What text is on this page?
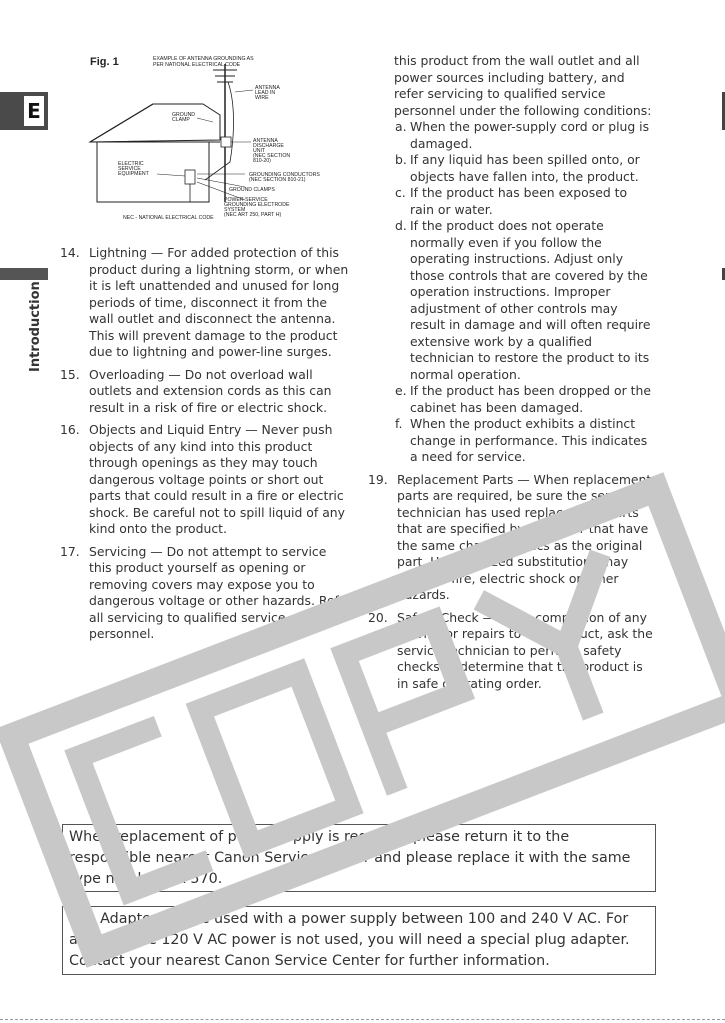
E
Introduction
Fig. 1	EXAMPLE OF ANTENNA GROUNDING AS
PER NATIONAL ELECTRICAL CODE
ANTENNA
LEAD IN
WIRE
GROUND
CLAMP
ANTENNA
DISCHARGE
UNIT
(NEC SECTION
810-20)
ELECTRIC
SERVICE
EQUIPMENT	GROUNDING CONDUCTORS
(NEC SECTION 810-21)
GROUND CLAMPS
POWER SERVICE
GROUNDING ELECTRODE
SYSTEM
(NEC ART 250, PART H)
NEC - NATIONAL ELECTRICAL CODE
14. Lightning — For added protection of this product during a lightning storm, or when it is left unattended and unused for long periods of time, disconnect it from the wall outlet and disconnect the antenna. This will prevent damage to the product due to lightning and power-line surges.
15. Overloading — Do not overload wall outlets and extension cords as this can result in a risk of fire or electric shock.
16. Objects and Liquid Entry — Never push objects of any kind into this product through openings as they may touch dangerous voltage points or short out parts that could result in a fire or electric shock. Be careful not to spill liquid of any kind onto the product.
17. Servicing — Do not attempt to service this product yourself as opening or removing covers may expose you to dangerous voltage or other hazards. Refer all servicing to qualified service personnel.
this product from the wall outlet and all power sources including battery, and refer servicing to qualified service personnel under the following conditions:
a. When the power-supply cord or plug is damaged.
b. If any liquid has been spilled onto, or objects have fallen into, the product.
c. If the product has been exposed to rain or water.
d. If the product does not operate normally even if you follow the operating instructions. Adjust only those controls that are covered by the operation instructions. Improper adjustment of other controls may result in damage and will often require extensive work by a qualified technician to restore the product to its normal operation.
e. If the product has been dropped or the cabinet has been damaged.
f. When the product exhibits a distinct change in performance. This indicates a need for service.
19. Replacement Parts — When replacement parts are required, be sure the service technician has used replacement parts that are specified by Canon or that have the same characteristics as the original part. Unauthorized substitutions may result in fire, electric shock or other hazards.
20. Safety Check — Upon completion of any service or repairs to this product, ask the service technician to perform safety checks to determine that the product is in safe operating order.
When replacement of power supply is required, please return it to the responsible nearest Canon Service Center and please replace it with the same type number CA-570.
The Adapter can be used with a power supply between 100 and 240 V AC. For areas where 120 V AC power is not used, you will need a special plug adapter. Contact your nearest Canon Service Center for further information.
